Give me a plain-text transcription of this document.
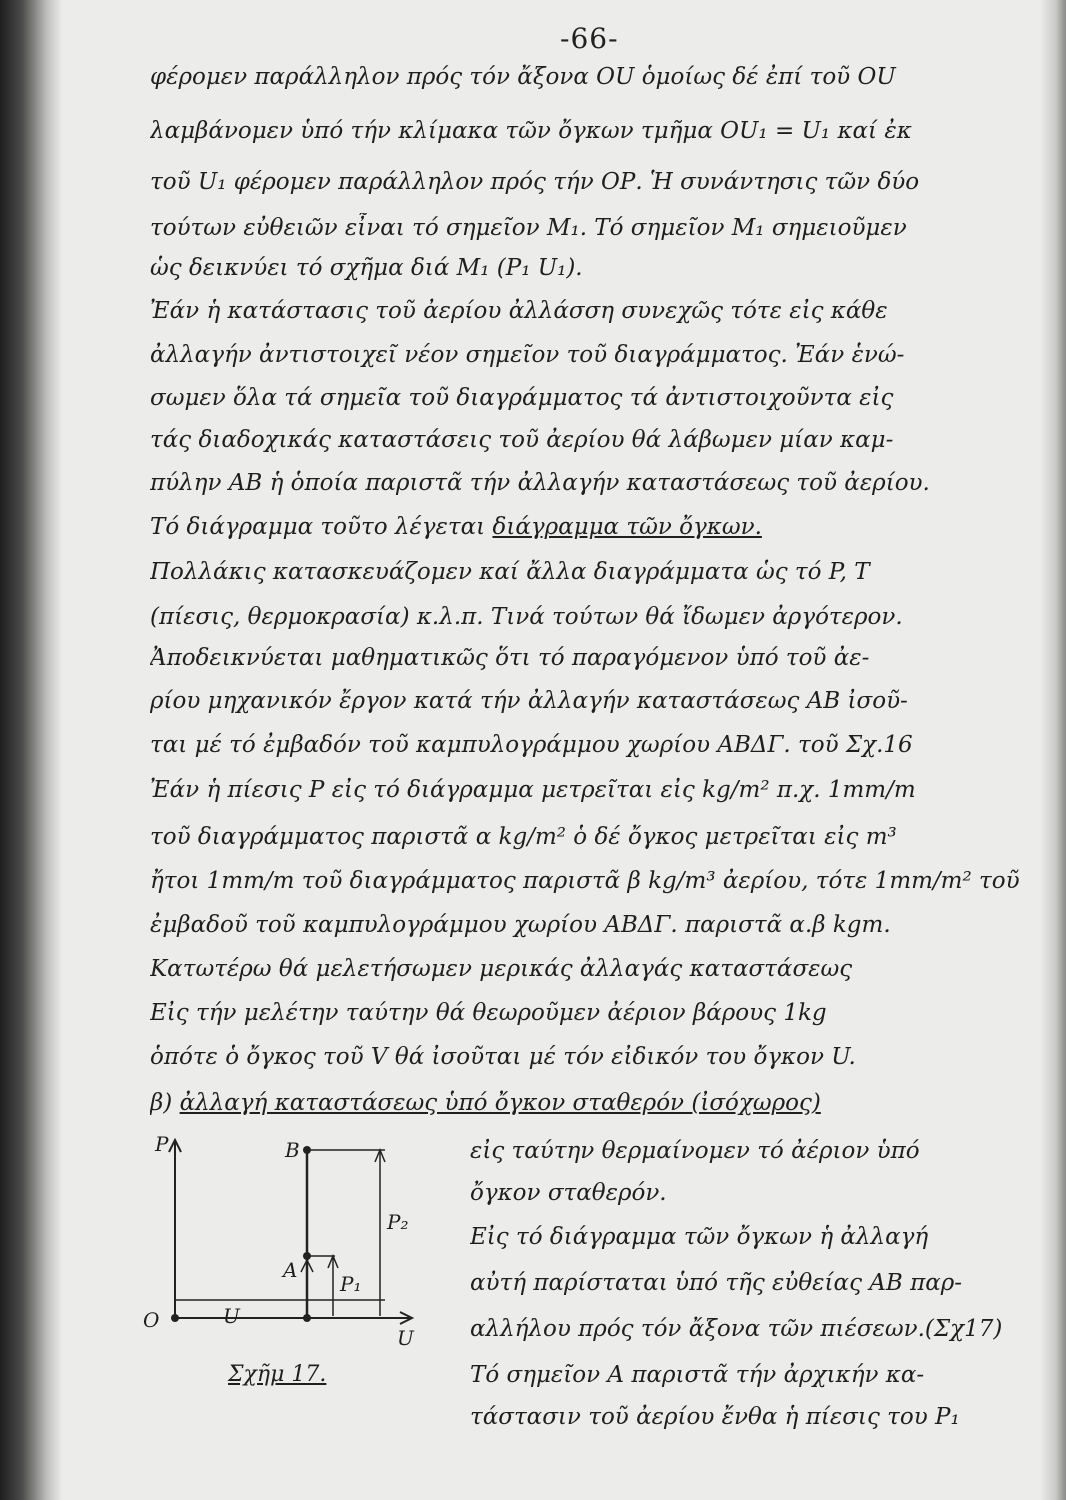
-66-
φέρομεν παράλληλον πρός τόν ἄξονα ΟU ὁμοίως δέ ἐπί τοῦ ΟU
λαμβάνομεν ὑπό τήν κλίμακα τῶν ὄγκων τμῆμα ΟU₁ = U₁ καί ἐκ
τοῦ U₁ φέρομεν παράλληλον πρός τήν ΟΡ. Ἡ συνάντησις τῶν δύο
τούτων εὐθειῶν εἶναι τό σημεῖον Μ₁. Τό σημεῖον Μ₁ σημειοῦμεν
ὡς δεικνύει τό σχῆμα διά Μ₁ (P₁ U₁).
Ἐάν ἡ κατάστασις τοῦ ἀερίου ἀλλάσση συνεχῶς τότε εἰς κάθε
ἀλλαγήν ἀντιστοιχεῖ νέον σημεῖον τοῦ διαγράμματος. Ἐάν ἑνώ-
σωμεν ὅλα τά σημεῖα τοῦ διαγράμματος τά ἀντιστοιχοῦντα εἰς
τάς διαδοχικάς καταστάσεις τοῦ ἀερίου θά λάβωμεν μίαν καμ-
πύλην ΑΒ ἡ ὁποία παριστᾶ τήν ἀλλαγήν καταστάσεως τοῦ ἀερίου.
Τό διάγραμμα τοῦτο λέγεται διάγραμμα τῶν ὄγκων.
Πολλάκις κατασκευάζομεν καί ἄλλα διαγράμματα ὡς τό P, T
(πίεσις, θερμοκρασία) κ.λ.π. Τινά τούτων θά ἴδωμεν ἀργότερον.
Ἀποδεικνύεται μαθηματικῶς ὅτι τό παραγόμενον ὑπό τοῦ ἀε-
ρίου μηχανικόν ἔργον κατά τήν ἀλλαγήν καταστάσεως ΑΒ ἰσοῦ-
ται μέ τό ἐμβαδόν τοῦ καμπυλογράμμου χωρίου ΑΒΔΓ. τοῦ Σχ.16
Ἐάν ἡ πίεσις Ρ εἰς τό διάγραμμα μετρεῖται εἰς kg/m² π.χ. 1mm/m
τοῦ διαγράμματος παριστᾶ α kg/m² ὁ δέ ὄγκος μετρεῖται εἰς m³
ἤτοι 1mm/m τοῦ διαγράμματος παριστᾶ β kg/m³ ἀερίου, τότε 1mm/m² τοῦ
ἐμβαδοῦ τοῦ καμπυλογράμμου χωρίου ΑΒΔΓ. παριστᾶ α.β kgm.
Κατωτέρω θά μελετήσωμεν μερικάς ἀλλαγάς καταστάσεως
Εἰς τήν μελέτην ταύτην θά θεωροῦμεν ἀέριον βάρους 1kg
ὁπότε ὁ ὄγκος τοῦ V θά ἰσοῦται μέ τόν εἰδικόν του ὄγκον U.
β) ἀλλαγή καταστάσεως ὑπό ὄγκον σταθερόν (ἰσόχωρος)
εἰς ταύτην θερμαίνομεν τό ἀέριον ὑπό
ὄγκον σταθερόν.
Εἰς τό διάγραμμα τῶν ὄγκων ἡ ἀλλαγή
αὐτή παρίσταται ὑπό τῆς εὐθείας ΑΒ παρ-
αλλήλου πρός τόν ἄξονα τῶν πιέσεων.(Σχ17)
Τό σημεῖον Α παριστᾶ τήν ἀρχικήν κα-
τάστασιν τοῦ ἀερίου ἔνθα ἡ πίεσις του P₁
P	B
A
P₂
P₁
O	U
U
Σχῆμ 17.
